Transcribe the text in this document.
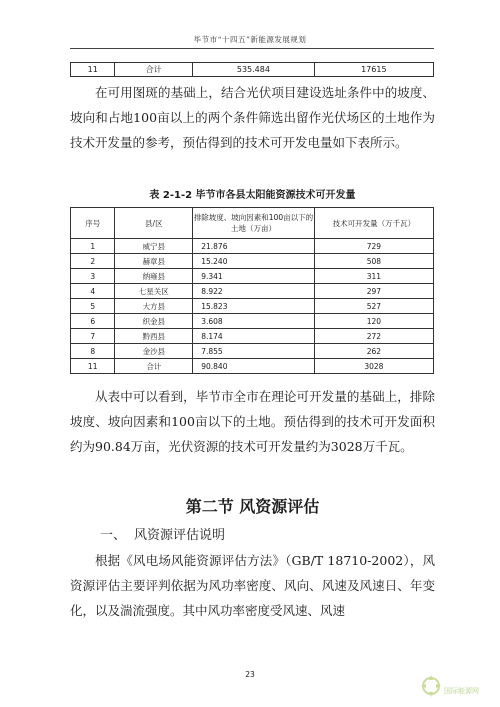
毕节市“十四五”新能源发展规划
11	合计	535.484	17615

在可用图斑的基础上，结合光伏项目建设选址条件中的坡度、坡向和占地100亩以上的两个条件筛选出留作光伏场区的土地作为技术开发量的参考，预估得到的技术可开发电量如下表所示。

表 2-1-2 毕节市各县太阳能资源技术可开发量
序号	县/区	排除坡度、坡向因素和100亩以下的土地（万亩）	技术可开发量（万千瓦）
1	威宁县	21.876	729
2	赫章县	15.240	508
3	纳雍县	9.341	311
4	七星关区	8.922	297
5	大方县	15.823	527
6	织金县	3.608	120
7	黔西县	8.174	272
8	金沙县	7.855	262
11	合计	90.840	3028

从表中可以看到，毕节市全市在理论可开发量的基础上，排除坡度、坡向因素和100亩以下的土地。预估得到的技术可开发面积约为90.84万亩，光伏资源的技术可开发量约为3028万千瓦。

第二节 风资源评估
一、 风资源评估说明

根据《风电场风能资源评估方法》（GB/T 18710-2002），风资源评估主要评判依据为风功率密度、风向、风速及风速日、年变化，以及湍流强度。其中风功率密度受风速、风速

23
国际能源网
